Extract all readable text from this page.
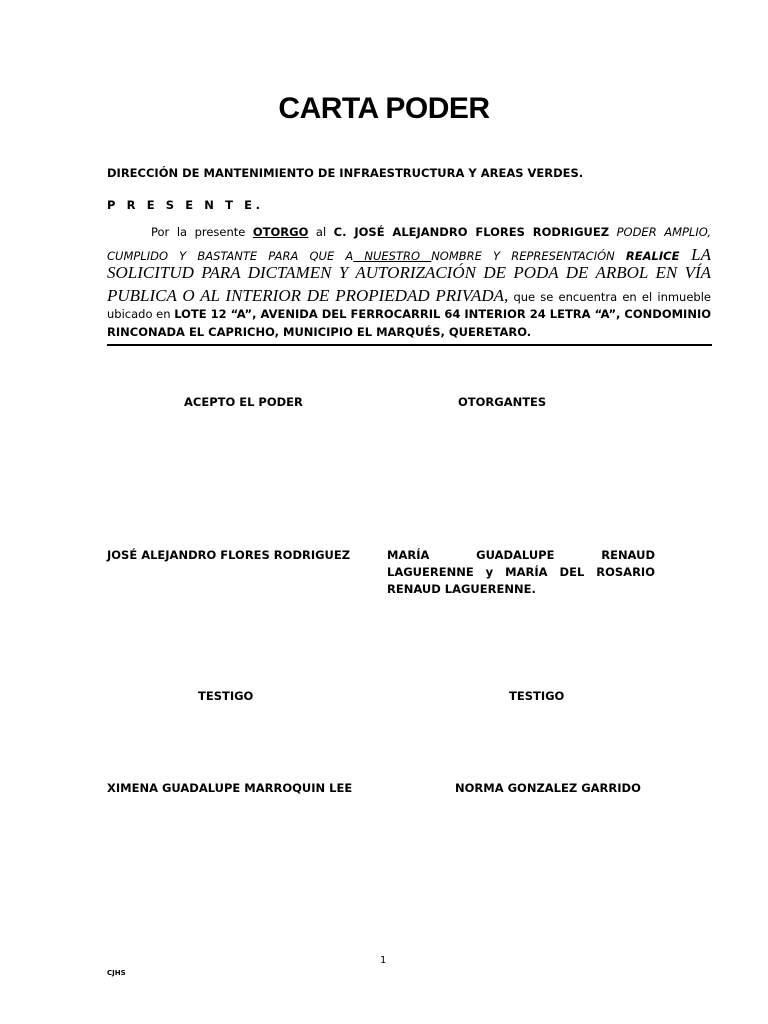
CARTA PODER
DIRECCIÓN DE MANTENIMIENTO DE INFRAESTRUCTURA Y AREAS VERDES.
P R E S E N T E.
Por la presente OTORGO al C. JOSÉ ALEJANDRO FLORES RODRIGUEZ PODER AMPLIO,
CUMPLIDO Y BASTANTE PARA QUE A NUESTRO NOMBRE Y REPRESENTACIÓN REALICE LA
SOLICITUD PARA DICTAMEN Y AUTORIZACIÓN DE PODA DE ARBOL EN VÍA
PUBLICA O AL INTERIOR DE PROPIEDAD PRIVADA, que se encuentra en el inmueble
ubicado en LOTE 12 “A”, AVENIDA DEL FERROCARRIL 64 INTERIOR 24 LETRA “A”, CONDOMINIO
RINCONADA EL CAPRICHO, MUNICIPIO EL MARQUÉS, QUERETARO.
ACEPTO EL PODER	OTORGANTES
JOSÉ ALEJANDRO FLORES RODRIGUEZ	MARÍA GUADALUPE RENAUD
LAGUERENNE y MARÍA DEL ROSARIO
RENAUD LAGUERENNE.
TESTIGO	TESTIGO
XIMENA GUADALUPE MARROQUIN LEE	NORMA GONZALEZ GARRIDO
1
CJHS
